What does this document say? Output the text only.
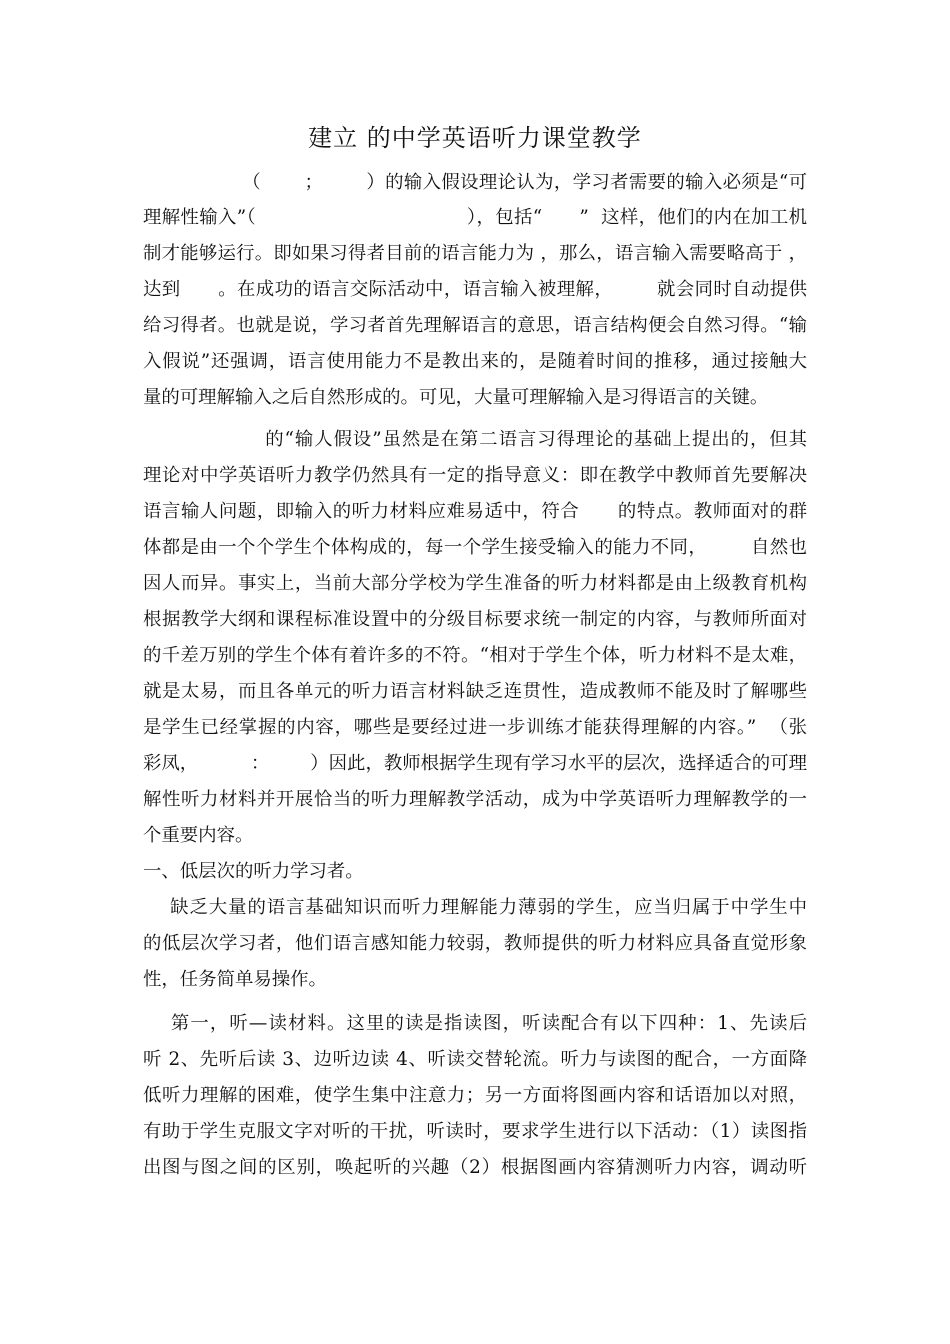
建立 的中学英语听力课堂教学
（       ；       ）的输入假设理论认为，学习者需要的输入必须是“可
理解性输入”（                                  ），包括“      ”  这样，他们的内在加工机
制才能够运行。即如果习得者目前的语言能力为 ，那么，语言输入需要略高于 ，
达到      。在成功的语言交际活动中，语言输入被理解，       就会同时自动提供
给习得者。也就是说，学习者首先理解语言的意思，语言结构便会自然习得。“输
入假说”还强调，语言使用能力不是教出来的，是随着时间的推移，通过接触大
量的可理解输入之后自然形成的。可见，大量可理解输入是习得语言的关键。
的“输人假设”虽然是在第二语言习得理论的基础上提出的，但其
理论对中学英语听力教学仍然具有一定的指导意义：即在教学中教师首先要解决
语言输人问题，即输入的听力材料应难易适中，符合      的特点。教师面对的群
体都是由一个个学生个体构成的，每一个学生接受输入的能力不同，       自然也
因人而异。事实上，当前大部分学校为学生准备的听力材料都是由上级教育机构
根据教学大纲和课程标准设置中的分级目标要求统一制定的内容，与教师所面对
的千差万别的学生个体有着许多的不符。“相对于学生个体，听力材料不是太难，
就是太易，而且各单元的听力语言材料缺乏连贯性，造成教师不能及时了解哪些
是学生已经掌握的内容，哪些是要经过进一步训练才能获得理解的内容。”  （张
彩凤，         ：       ）因此，教师根据学生现有学习水平的层次，选择适合的可理
解性听力材料并开展恰当的听力理解教学活动，成为中学英语听力理解教学的一
个重要内容。
一、低层次的听力学习者。
缺乏大量的语言基础知识而听力理解能力薄弱的学生，应当归属于中学生中
的低层次学习者，他们语言感知能力较弱，教师提供的听力材料应具备直觉形象
性，任务简单易操作。
第一，听—读材料。这里的读是指读图，听读配合有以下四种：1、先读后
听 2、先听后读 3、边听边读 4、听读交替轮流。听力与读图的配合，一方面降
低听力理解的困难，使学生集中注意力；另一方面将图画内容和话语加以对照，
有助于学生克服文字对听的干扰，听读时，要求学生进行以下活动：（1）读图指
出图与图之间的区别，唤起听的兴趣（2）根据图画内容猜测听力内容，调动听
